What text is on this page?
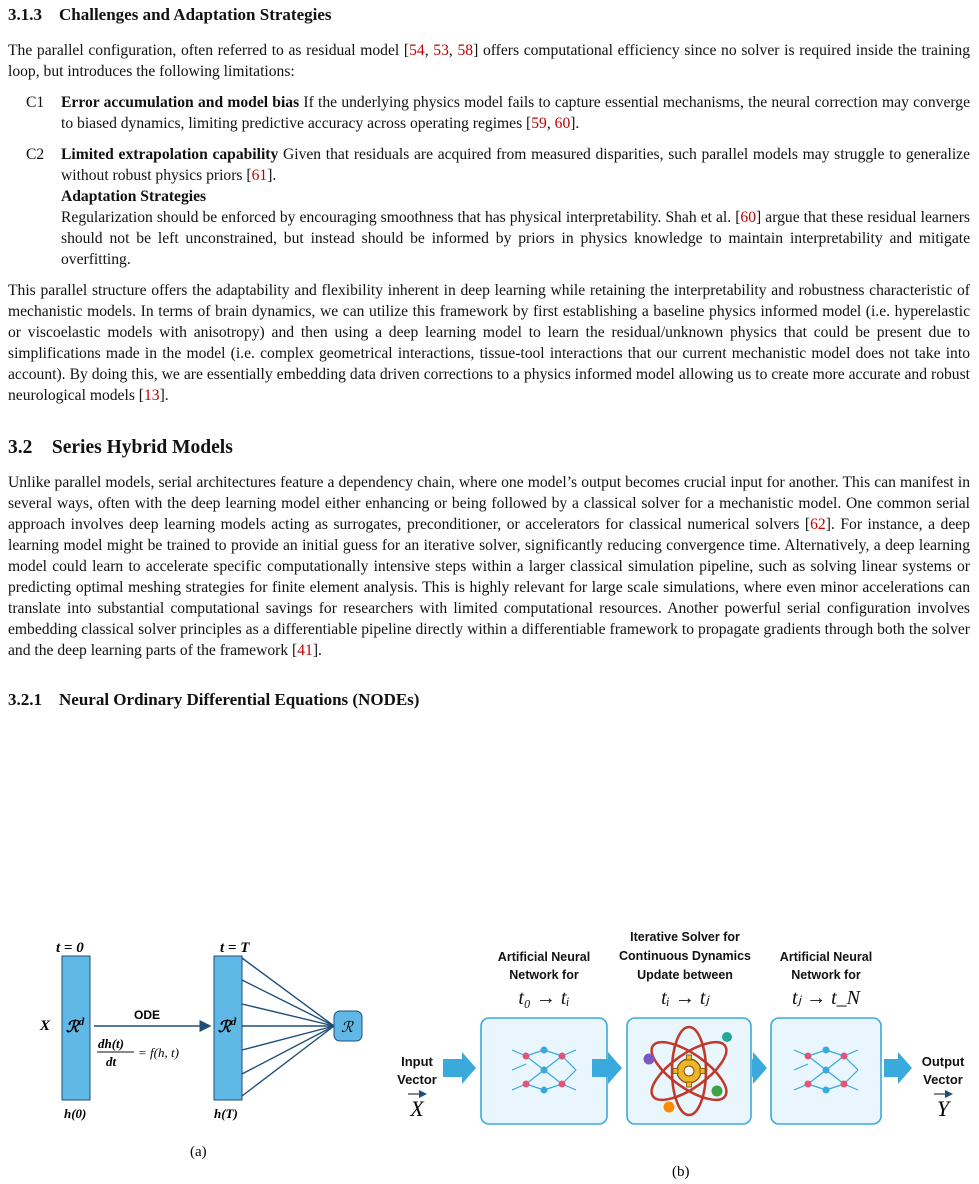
3.1.3 Challenges and Adaptation Strategies

The parallel configuration, often referred to as residual model [54, 53, 58] offers computational efficiency since no solver is required inside the training loop, but introduces the following limitations:

C1	Error accumulation and model bias If the underlying physics model fails to capture essential mechanisms, the neural correction may converge to biased dynamics, limiting predictive accuracy across operating regimes [59, 60].
C2	Limited extrapolation capability Given that residuals are acquired from measured disparities, such parallel models may struggle to generalize without robust physics priors [61].
Adaptation Strategies
Regularization should be enforced by encouraging smoothness that has physical interpretability. Shah et al. [60] argue that these residual learners should not be left unconstrained, but instead should be informed by priors in physics knowledge to maintain interpretability and mitigate overfitting.

This parallel structure offers the adaptability and flexibility inherent in deep learning while retaining the interpretability and robustness characteristic of mechanistic models. In terms of brain dynamics, we can utilize this framework by first establishing a baseline physics informed model (i.e. hyperelastic or viscoelastic models with anisotropy) and then using a deep learning model to learn the residual/unknown physics that could be present due to simplifications made in the model (i.e. complex geometrical interactions, tissue-tool interactions that our current mechanistic model does not take into account). By doing this, we are essentially embedding data driven corrections to a physics informed model allowing us to create more accurate and robust neurological models [13].

3.2 Series Hybrid Models

Unlike parallel models, serial architectures feature a dependency chain, where one model’s output becomes crucial input for another. This can manifest in several ways, often with the deep learning model either enhancing or being followed by a classical solver for a mechanistic model. One common serial approach involves deep learning models acting as surrogates, preconditioner, or accelerators for classical numerical solvers [62]. For instance, a deep learning model might be trained to provide an initial guess for an iterative solver, significantly reducing convergence time. Alternatively, a deep learning model could learn to accelerate specific computationally intensive steps within a larger classical simulation pipeline, such as solving linear systems or predicting optimal meshing strategies for finite element analysis. This is highly relevant for large scale simulations, where even minor accelerations can translate into substantial computational savings for researchers with limited computational resources. Another powerful serial configuration involves embedding classical solver principles as a differentiable pipeline directly within a differentiable framework to propagate gradients through both the solver and the deep learning parts of the framework [41].

3.2.1 Neural Ordinary Differential Equations (NODEs)
t = 0	t = T
X ℛ$^d$	ℛ$^d$
ODE
dh(t)
dt
= f(h, t)
h(0)	h(T)
ℛ
(a)
Artificial Neural
Network for
Iterative Solver for
Continuous Dynamics
Update between
Artificial Neural
Network for
t₀ → tᵢ	tᵢ → tⱼ	tⱼ → t_N
Input
Vector
Output
Vector
X	Y
(b)
